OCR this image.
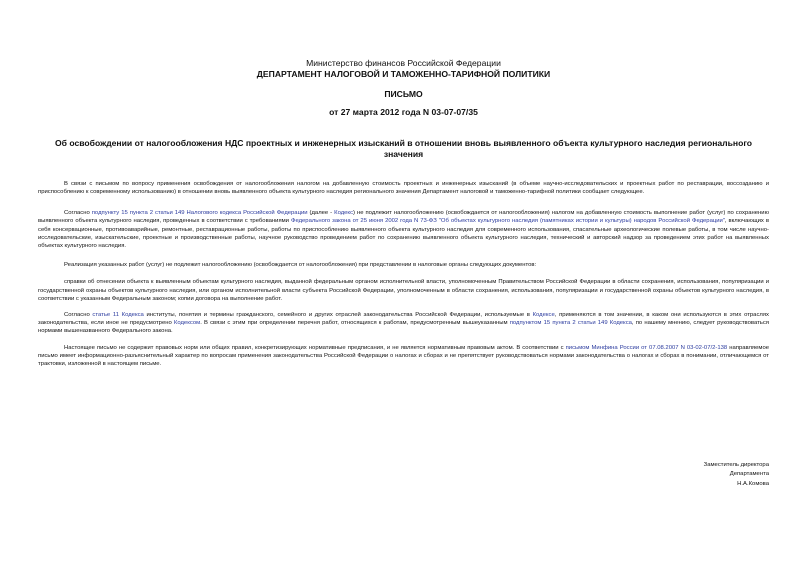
Министерство финансов Российской Федерации
ДЕПАРТАМЕНТ НАЛОГОВОЙ И ТАМОЖЕННО-ТАРИФНОЙ ПОЛИТИКИ
ПИСЬМО
от 27 марта 2012 года N 03-07-07/35
Об освобождении от налогообложения НДС проектных и инженерных изысканий в отношении вновь выявленного объекта культурного наследия регионального значения

В связи с письмом по вопросу применения освобождения от налогообложения налогом на добавленную стоимость проектных и инженерных изысканий (в объеме научно-исследовательских и проектных работ по реставрации, воссозданию и приспособлению к современному использованию) в отношении вновь выявленного объекта культурного наследия регионального значения Департамент налоговой и таможенно-тарифной политики сообщает следующее.

Согласно подпункту 15 пункта 2 статьи 149 Налогового кодекса Российской Федерации (далее - Кодекс) не подлежит налогообложению (освобождается от налогообложения) налогом на добавленную стоимость выполнение работ (услуг) по сохранению выявленного объекта культурного наследия, проведенных в соответствии с требованиями Федерального закона от 25 июня 2002 года N 73-ФЗ "Об объектах культурного наследия (памятниках истории и культуры) народов Российской Федерации", включающих в себя консервационные, противоаварийные, ремонтные, реставрационные работы, работы по приспособлению выявленного объекта культурного наследия для современного использования, спасательные археологические полевые работы, в том числе научно-исследовательские, изыскательские, проектные и производственные работы, научное руководство проведением работ по сохранению выявленного объекта культурного наследия, технический и авторский надзор за проведением этих работ на выявленных объектах культурного наследия.

Реализация указанных работ (услуг) не подлежит налогообложению (освобождается от налогообложения) при представлении в налоговые органы следующих документов:

справки об отнесении объекта к выявленным объектам культурного наследия, выданной федеральным органом исполнительной власти, уполномоченным Правительством Российской Федерации в области сохранения, использования, популяризации и государственной охраны объектов культурного наследия, или органом исполнительной власти субъекта Российской Федерации, уполномоченным в области сохранения, использования, популяризации и государственной охраны объектов культурного наследия, в соответствии с указанным Федеральным законом; копии договора на выполнение работ.

Согласно статье 11 Кодекса институты, понятия и термины гражданского, семейного и других отраслей законодательства Российской Федерации, используемые в Кодексе, применяются в том значении, в каком они используются в этих отраслях законодательства, если иное не предусмотрено Кодексом. В связи с этим при определении перечня работ, относящихся к работам, предусмотренным вышеуказанным подпунктом 15 пункта 2 статьи 149 Кодекса, по нашему мнению, следует руководствоваться нормами вышеназванного Федерального закона.

Настоящее письмо не содержит правовых норм или общих правил, конкретизирующих нормативные предписания, и не является нормативным правовым актом. В соответствии с письмом Минфина России от 07.08.2007 N 03-02-07/2-138 направляемое письмо имеет информационно-разъяснительный характер по вопросам применения законодательства Российской Федерации о налогах и сборах и не препятствует руководствоваться нормами законодательства о налогах и сборах в понимании, отличающемся от трактовки, изложенной в настоящем письме.

Заместитель директора
Департамента
Н.А.Комова
